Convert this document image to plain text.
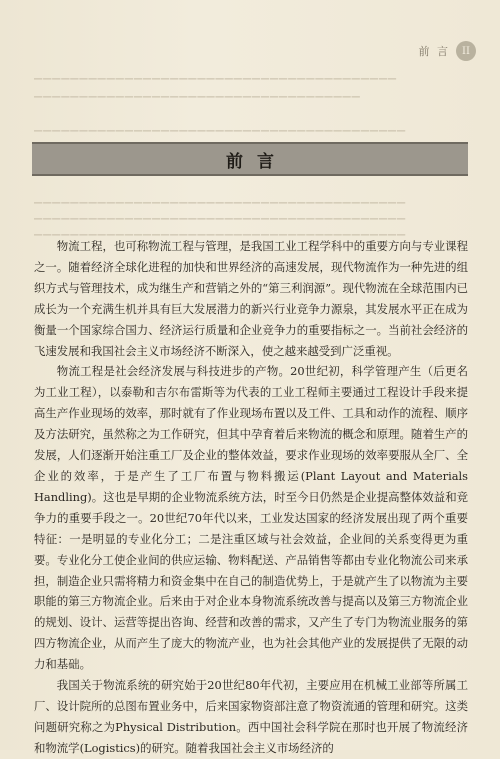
前 言	II
▁▁▁▁▁▁▁▁▁▁▁▁▁▁▁▁▁▁▁▁▁▁▁▁▁▁▁▁▁▁▁▁▁▁▁▁▁▁▁▁
▁▁▁▁▁▁▁▁▁▁▁▁▁▁▁▁▁▁▁▁▁▁▁▁▁▁▁▁▁▁▁▁▁▁▁▁
▁▁▁▁▁▁▁▁▁▁▁▁▁▁▁▁▁▁▁▁▁▁▁▁▁▁▁▁▁▁▁▁▁▁▁▁▁▁▁▁▁
▁▁▁▁▁▁▁▁▁▁▁▁▁▁▁▁▁▁▁▁▁▁▁▁▁▁▁▁▁▁▁▁▁▁▁▁▁▁▁▁▁
▁▁▁▁▁▁▁▁▁▁▁▁▁▁▁▁▁▁▁▁▁▁▁▁▁▁▁▁▁▁▁▁▁▁▁▁▁▁▁▁▁
▁▁▁▁▁▁▁▁▁▁▁▁▁▁▁▁▁▁▁▁▁▁▁▁▁▁▁▁▁▁▁▁▁▁▁▁▁▁▁▁▁
前言

物流工程，也可称物流工程与管理，是我国工业工程学科中的重要方向与专业课程之一。随着经济全球化进程的加快和世界经济的高速发展，现代物流作为一种先进的组织方式与管理技术，成为继生产和营销之外的“第三利润源”。现代物流在全球范围内已成长为一个充满生机并具有巨大发展潜力的新兴行业竞争力源泉，其发展水平正在成为衡量一个国家综合国力、经济运行质量和企业竞争力的重要指标之一。当前社会经济的飞速发展和我国社会主义市场经济不断深入，使之越来越受到广泛重视。

物流工程是社会经济发展与科技进步的产物。20世纪初，科学管理产生（后更名为工业工程），以泰勒和吉尔布雷斯等为代表的工业工程师主要通过工程设计手段来提高生产作业现场的效率，那时就有了作业现场布置以及工件、工具和动作的流程、顺序及方法研究，虽然称之为工作研究，但其中孕育着后来物流的概念和原理。随着生产的发展，人们逐渐开始注重工厂及企业的整体效益，要求作业现场的效率要服从全厂、全企业的效率，于是产生了工厂布置与物料搬运(Plant Layout and Materials Handling)。这也是早期的企业物流系统方法，时至今日仍然是企业提高整体效益和竞争力的重要手段之一。20世纪70年代以来，工业发达国家的经济发展出现了两个重要特征：一是明显的专业化分工；二是注重区域与社会效益，企业间的关系变得更为重要。专业化分工使企业间的供应运输、物料配送、产品销售等都由专业化物流公司来承担，制造企业只需将精力和资金集中在自己的制造优势上，于是就产生了以物流为主要职能的第三方物流企业。后来由于对企业本身物流系统改善与提高以及第三方物流企业的规划、设计、运营等提出咨询、经营和改善的需求，又产生了专门为物流业服务的第四方物流企业，从而产生了庞大的物流产业，也为社会其他产业的发展提供了无限的动力和基础。

我国关于物流系统的研究始于20世纪80年代初，主要应用在机械工业部等所属工厂、设计院所的总图布置业务中，后来国家物资部注意了物资流通的管理和研究。这类问题研究称之为Physical Distribution。西中国社会科学院在那时也开展了物流经济和物流学(Logistics)的研究。随着我国社会主义市场经济的
